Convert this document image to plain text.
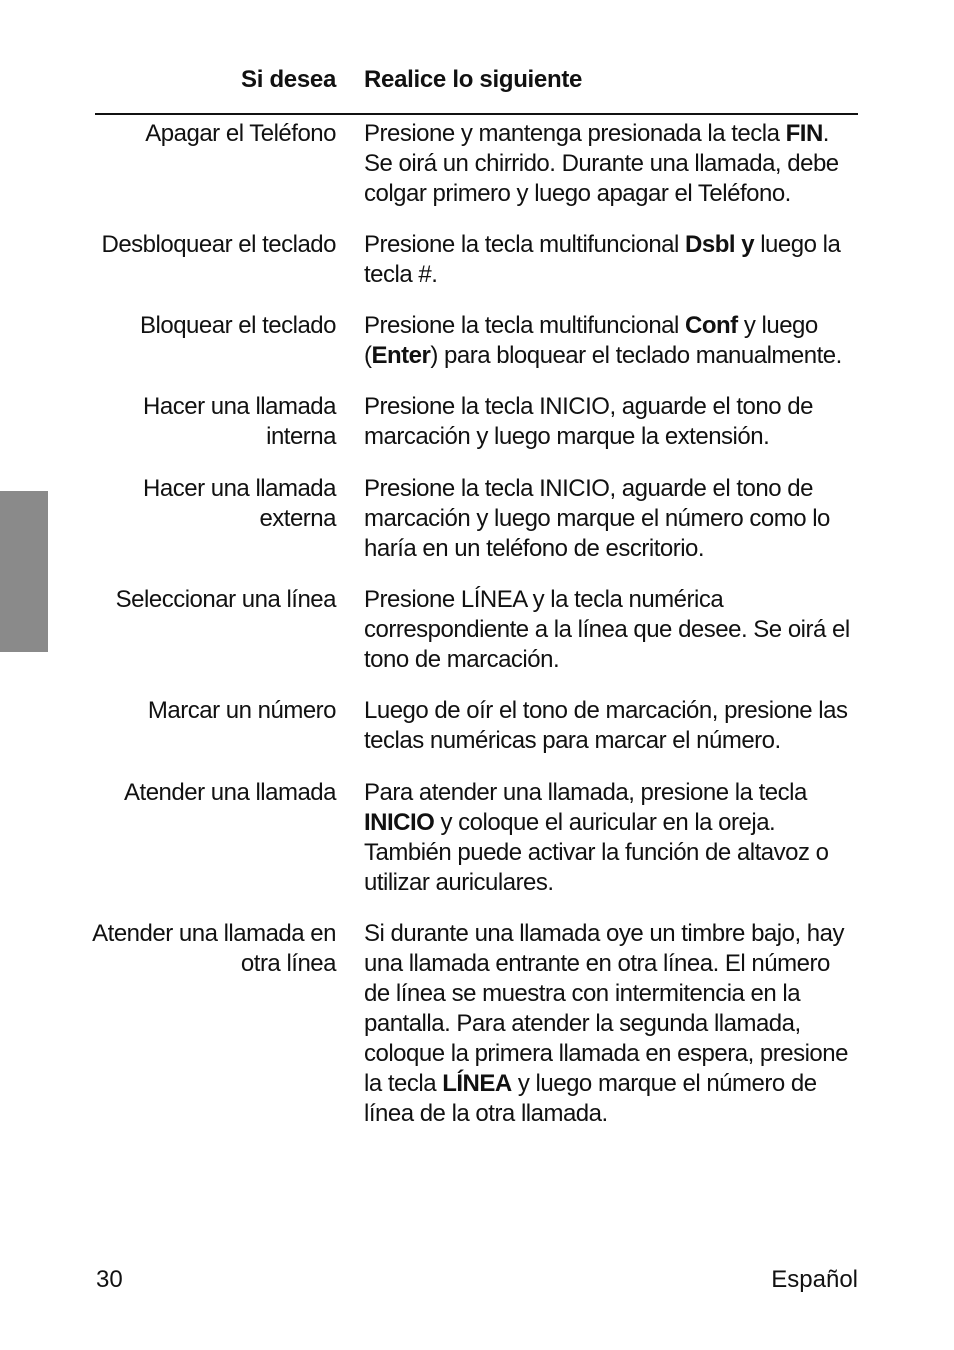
Si desea Realice lo siguiente
Apagar el Teléfono Presione y mantenga presionada la tecla FIN. Se oirá un chirrido. Durante una llamada, debe colgar primero y luego apagar el Teléfono.
Desbloquear el teclado Presione la tecla multifuncional Dsbl y luego la tecla #.
Bloquear el teclado Presione la tecla multifuncional Conf y luego (Enter) para bloquear el teclado manualmente.
Hacer una llamada interna
Presione la tecla INICIO, aguarde el tono de marcación y luego marque la extensión.
Hacer una llamada externa
Presione la tecla INICIO, aguarde el tono de marcación y luego marque el número como lo haría en un teléfono de escritorio.
Seleccionar una línea Presione LÍNEA y la tecla numérica correspondiente a la línea que desee. Se oirá el tono de marcación.
Marcar un número Luego de oír el tono de marcación, presione las teclas numéricas para marcar el número.
Atender una llamada Para atender una llamada, presione la tecla INICIO y coloque el auricular en la oreja. También puede activar la función de altavoz o utilizar auriculares.
Atender una llamada en otra línea
Si durante una llamada oye un timbre bajo, hay una llamada entrante en otra línea. El número de línea se muestra con intermitencia en la pantalla. Para atender la segunda llamada, coloque la primera llamada en espera, presione la tecla LÍNEA y luego marque el número de línea de la otra llamada.
30	Español
